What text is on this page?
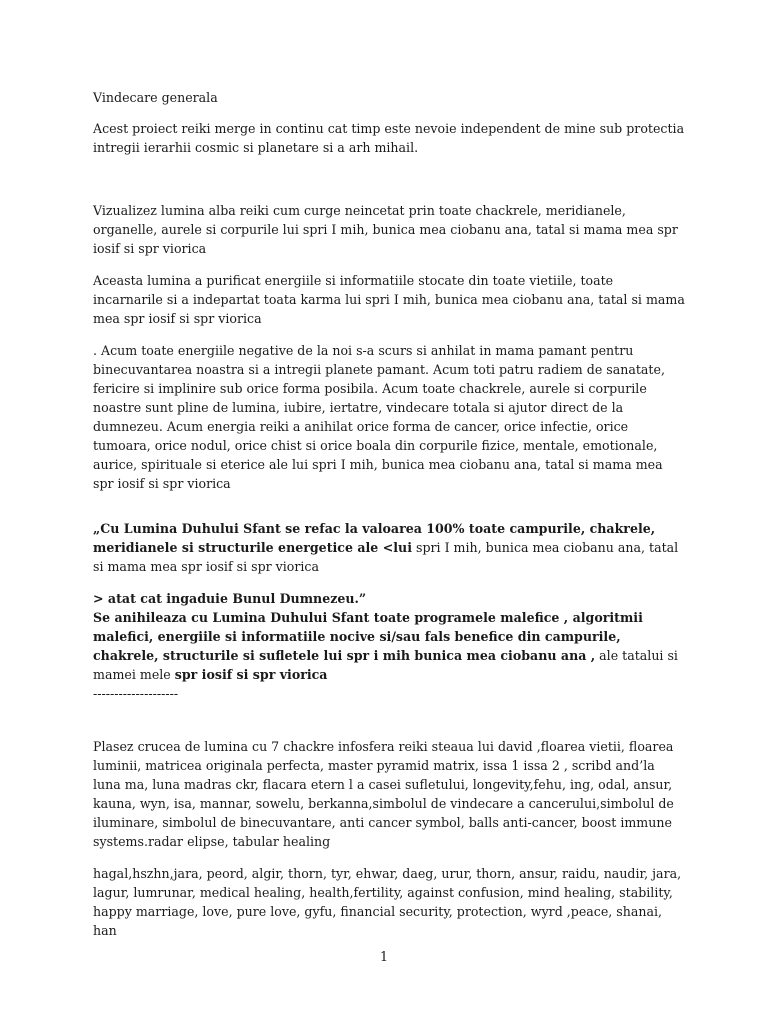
Vindecare generala

Acest proiect reiki merge in continu cat timp este nevoie independent de mine sub protectia intregii ierarhii cosmic si planetare si a arh mihail.

Vizualizez lumina alba reiki cum curge neincetat prin toate chackrele, meridianele, organelle, aurele si corpurile lui spri I mih, bunica mea ciobanu ana, tatal si mama mea spr iosif si spr viorica

Aceasta lumina a purificat energiile si informatiile stocate din toate vietiile, toate incarnarile si a indepartat toata karma lui spri I mih, bunica mea ciobanu ana, tatal si mama mea spr iosif si spr viorica

. Acum toate energiile negative de la noi s-a scurs si anhilat in mama pamant pentru binecuvantarea noastra si a intregii planete pamant. Acum toti patru radiem de sanatate, fericire si implinire sub orice forma posibila. Acum toate chackrele, aurele si corpurile noastre sunt pline de lumina, iubire, iertatre, vindecare totala si ajutor direct de la dumnezeu. Acum energia reiki a anihilat orice forma de cancer, orice infectie, orice tumoara, orice nodul, orice chist si orice boala din corpurile fizice, mentale, emotionale, aurice, spirituale si eterice ale lui spri I mih, bunica mea ciobanu ana, tatal si mama mea spr iosif si spr viorica

„Cu Lumina Duhului Sfant se refac la valoarea 100% toate campurile, chakrele, meridianele si structurile energetice ale <lui spri I mih, bunica mea ciobanu ana, tatal si mama mea spr iosif si spr viorica

> atat cat ingaduie Bunul Dumnezeu.”
Se anihileaza cu Lumina Duhului Sfant toate programele malefice , algoritmii malefici, energiile si informatiile nocive si/sau fals benefice din campurile, chakrele, structurile si sufletele lui spr i mih bunica mea ciobanu ana , ale tatalui si mamei mele spr iosif si spr viorica
--------------------

Plasez crucea de lumina cu 7 chackre infosfera reiki steaua lui david ,floarea vietii, floarea luminii, matricea originala perfecta, master pyramid matrix, issa 1 issa 2 , scribd and’la luna ma, luna madras ckr, flacara etern l a casei sufletului, longevity,fehu, ing, odal, ansur, kauna, wyn, isa, mannar, sowelu, berkanna,simbolul de vindecare a cancerului,simbolul de iluminare, simbolul de binecuvantare, anti cancer symbol, balls anti-cancer, boost immune systems.radar elipse, tabular healing

hagal,hszhn,jara, peord, algir, thorn, tyr, ehwar, daeg, urur, thorn, ansur, raidu, naudir, jara, lagur, lumrunar, medical healing, health,fertility, against confusion, mind healing, stability, happy marriage, love, pure love, gyfu, financial security, protection, wyrd ,peace, shanai, han

1
